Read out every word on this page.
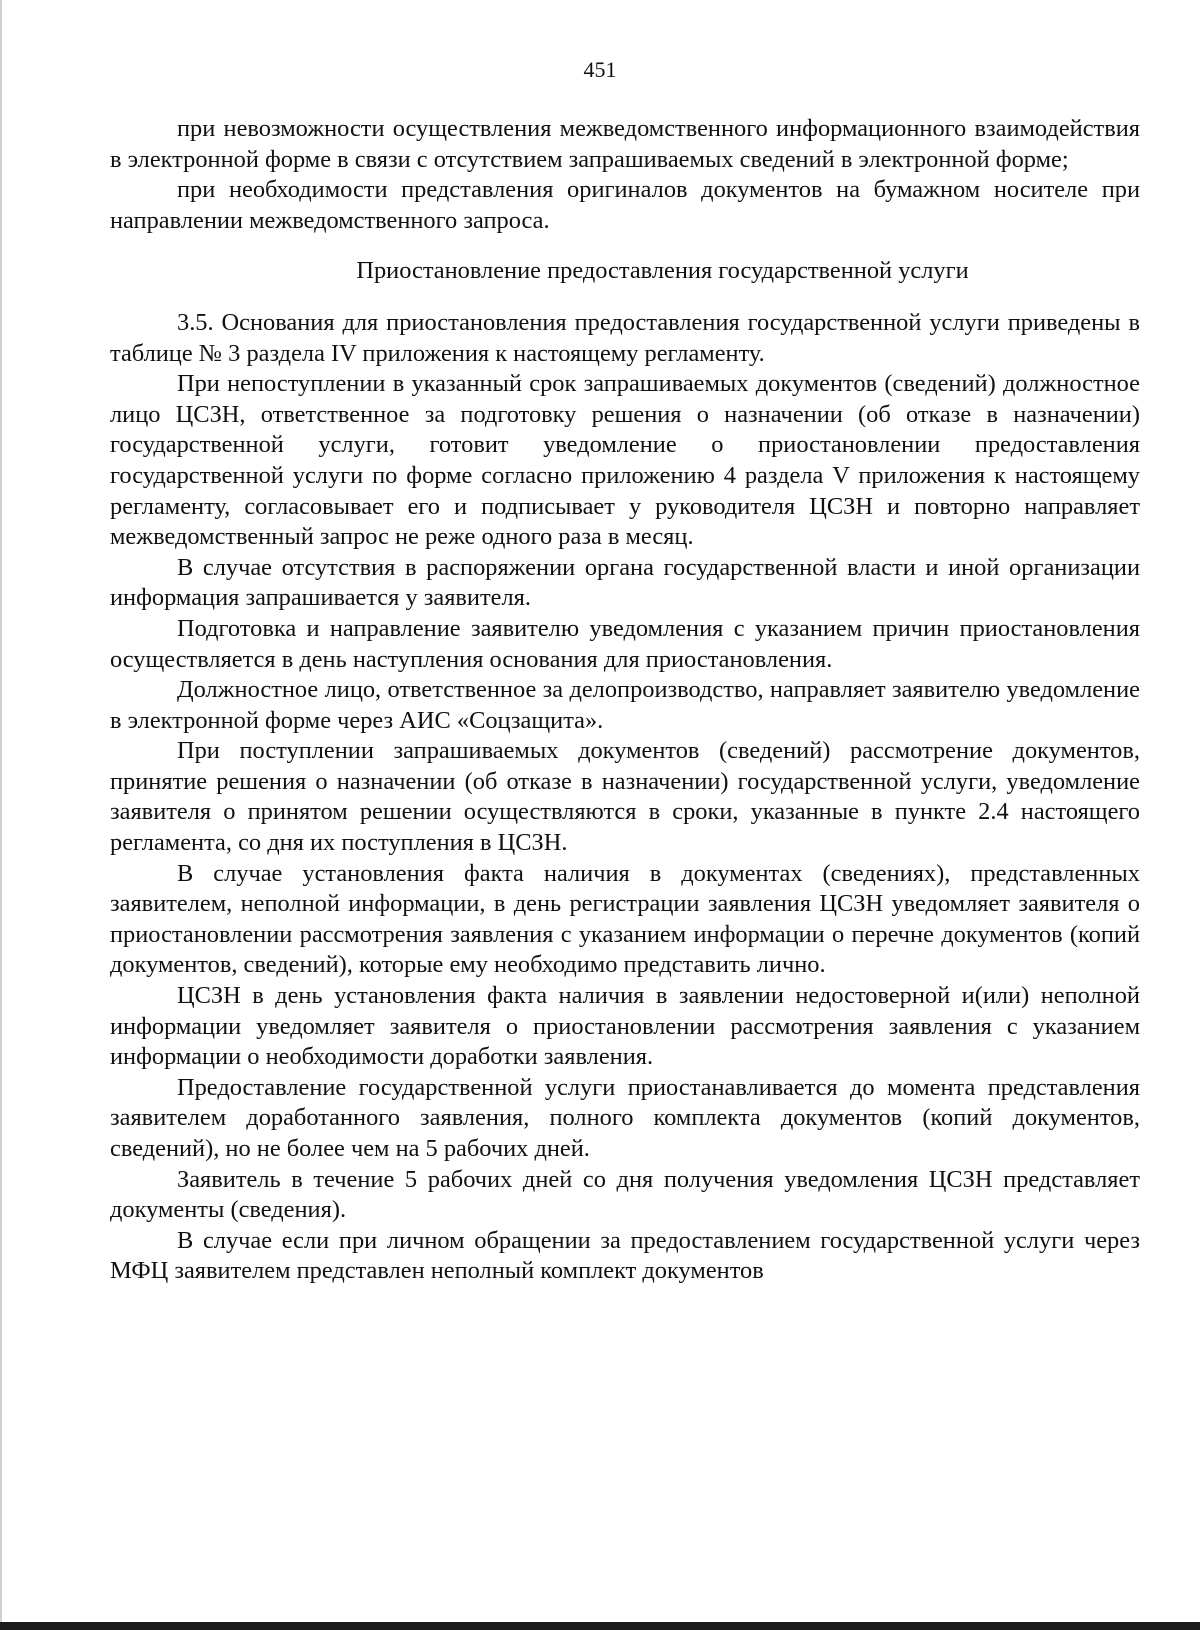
451

при невозможности осуществления межведомственного информационного взаимодействия в электронной форме в связи с отсутствием запрашиваемых сведений в электронной форме;

при необходимости представления оригиналов документов на бумажном носителе при направлении межведомственного запроса.

Приостановление предоставления государственной услуги

3.5. Основания для приостановления предоставления государственной услуги приведены в таблице № 3 раздела IV приложения к настоящему регламенту.

При непоступлении в указанный срок запрашиваемых документов (сведений) должностное лицо ЦСЗН, ответственное за подготовку решения о назначении (об отказе в назначении) государственной услуги, готовит уведомление о приостановлении предоставления государственной услуги по форме согласно приложению 4 раздела V приложения к настоящему регламенту, согласовывает его и подписывает у руководителя ЦСЗН и повторно направляет межведомственный запрос не реже одного раза в месяц.

В случае отсутствия в распоряжении органа государственной власти и иной организации информация запрашивается у заявителя.

Подготовка и направление заявителю уведомления с указанием причин приостановления осуществляется в день наступления основания для приостановления.

Должностное лицо, ответственное за делопроизводство, направляет заявителю уведомление в электронной форме через АИС «Соцзащита».

При поступлении запрашиваемых документов (сведений) рассмотрение документов, принятие решения о назначении (об отказе в назначении) государственной услуги, уведомление заявителя о принятом решении осуществляются в сроки, указанные в пункте 2.4 настоящего регламента, со дня их поступления в ЦСЗН.

В случае установления факта наличия в документах (сведениях), представленных заявителем, неполной информации, в день регистрации заявления ЦСЗН уведомляет заявителя о приостановлении рассмотрения заявления с указанием информации о перечне документов (копий документов, сведений), которые ему необходимо представить лично.

ЦСЗН в день установления факта наличия в заявлении недостоверной и(или) неполной информации уведомляет заявителя о приостановлении рассмотрения заявления с указанием информации о необходимости доработки заявления.

Предоставление государственной услуги приостанавливается до момента представления заявителем доработанного заявления, полного комплекта документов (копий документов, сведений), но не более чем на 5 рабочих дней.

Заявитель в течение 5 рабочих дней со дня получения уведомления ЦСЗН представляет документы (сведения).

В случае если при личном обращении за предоставлением государственной услуги через МФЦ заявителем представлен неполный комплект документов
